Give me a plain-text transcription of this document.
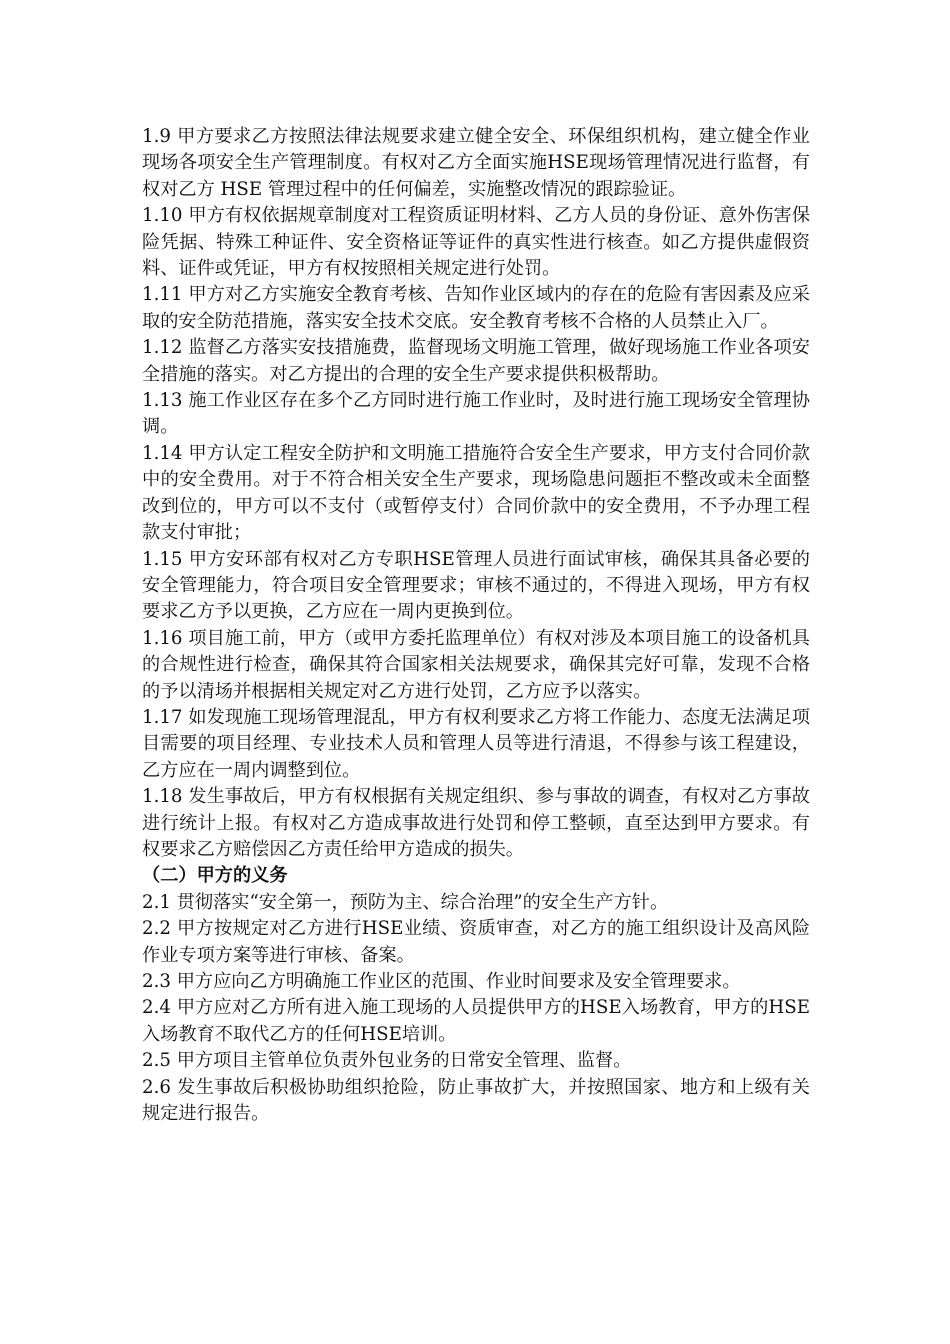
1.9 甲方要求乙方按照法律法规要求建立健全安全、环保组织机构，建立健全作业现场各项安全生产管理制度。有权对乙方全面实施HSE现场管理情况进行监督，有权对乙方 HSE 管理过程中的任何偏差，实施整改情况的跟踪验证。

1.10 甲方有权依据规章制度对工程资质证明材料、乙方人员的身份证、意外伤害保险凭据、特殊工种证件、安全资格证等证件的真实性进行核查。如乙方提供虚假资料、证件或凭证，甲方有权按照相关规定进行处罚。

1.11 甲方对乙方实施安全教育考核、告知作业区域内的存在的危险有害因素及应采取的安全防范措施，落实安全技术交底。安全教育考核不合格的人员禁止入厂。

1.12 监督乙方落实安技措施费，监督现场文明施工管理，做好现场施工作业各项安全措施的落实。对乙方提出的合理的安全生产要求提供积极帮助。

1.13 施工作业区存在多个乙方同时进行施工作业时，及时进行施工现场安全管理协调。

1.14 甲方认定工程安全防护和文明施工措施符合安全生产要求，甲方支付合同价款中的安全费用。对于不符合相关安全生产要求，现场隐患问题拒不整改或未全面整改到位的，甲方可以不支付（或暂停支付）合同价款中的安全费用，不予办理工程款支付审批；

1.15 甲方安环部有权对乙方专职HSE管理人员进行面试审核，确保其具备必要的安全管理能力，符合项目安全管理要求；审核不通过的，不得进入现场，甲方有权要求乙方予以更换，乙方应在一周内更换到位。

1.16 项目施工前，甲方（或甲方委托监理单位）有权对涉及本项目施工的设备机具的合规性进行检查，确保其符合国家相关法规要求，确保其完好可靠，发现不合格的予以清场并根据相关规定对乙方进行处罚，乙方应予以落实。

1.17 如发现施工现场管理混乱，甲方有权利要求乙方将工作能力、态度无法满足项目需要的项目经理、专业技术人员和管理人员等进行清退，不得参与该工程建设，乙方应在一周内调整到位。

1.18 发生事故后，甲方有权根据有关规定组织、参与事故的调查，有权对乙方事故进行统计上报。有权对乙方造成事故进行处罚和停工整顿，直至达到甲方要求。有权要求乙方赔偿因乙方责任给甲方造成的损失。

（二）甲方的义务

2.1 贯彻落实“安全第一，预防为主、综合治理”的安全生产方针。

2.2 甲方按规定对乙方进行HSE业绩、资质审查，对乙方的施工组织设计及高风险作业专项方案等进行审核、备案。

2.3 甲方应向乙方明确施工作业区的范围、作业时间要求及安全管理要求。

2.4 甲方应对乙方所有进入施工现场的人员提供甲方的HSE入场教育，甲方的HSE入场教育不取代乙方的任何HSE培训。

2.5 甲方项目主管单位负责外包业务的日常安全管理、监督。

2.6 发生事故后积极协助组织抢险，防止事故扩大，并按照国家、地方和上级有关规定进行报告。
